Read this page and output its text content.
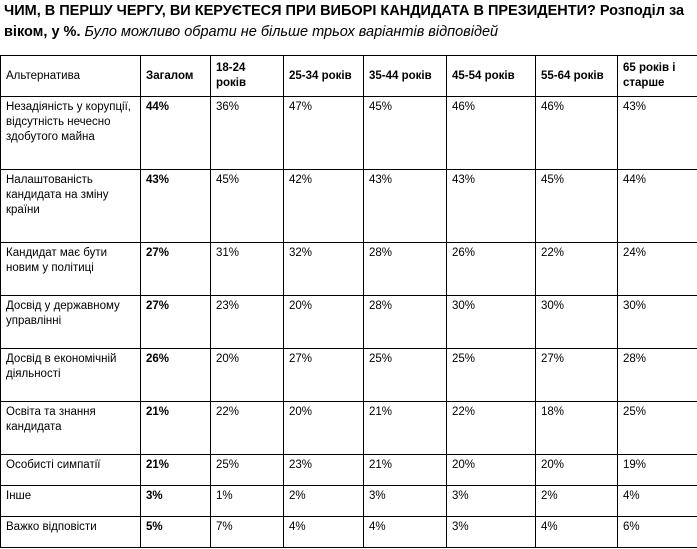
ЧИМ, В ПЕРШУ ЧЕРГУ, ВИ КЕРУЄТЕСЯ ПРИ ВИБОРІ КАНДИДАТА В ПРЕЗИДЕНТИ? Розподіл за віком, у %. Було можливо обрати не більше трьох варіантів відповідей
Альтернатива	Загалом	18-24 років	25-34 років	35-44 років	45-54 років	55-64 років	65 років і старше
Незадіяність у корупції, відсутність нечесно здобутого майна	44%	36%	47%	45%	46%	46%	43%
Налаштованість кандидата на зміну країни	43%	45%	42%	43%	43%	45%	44%
Кандидат має бути новим у політиці	27%	31%	32%	28%	26%	22%	24%
Досвід у державному управлінні	27%	23%	20%	28%	30%	30%	30%
Досвід в економічній діяльності	26%	20%	27%	25%	25%	27%	28%
Освіта та знання кандидата	21%	22%	20%	21%	22%	18%	25%
Особисті симпатії	21%	25%	23%	21%	20%	20%	19%
Інше	3%	1%	2%	3%	3%	2%	4%
Важко відповісти	5%	7%	4%	4%	3%	4%	6%
